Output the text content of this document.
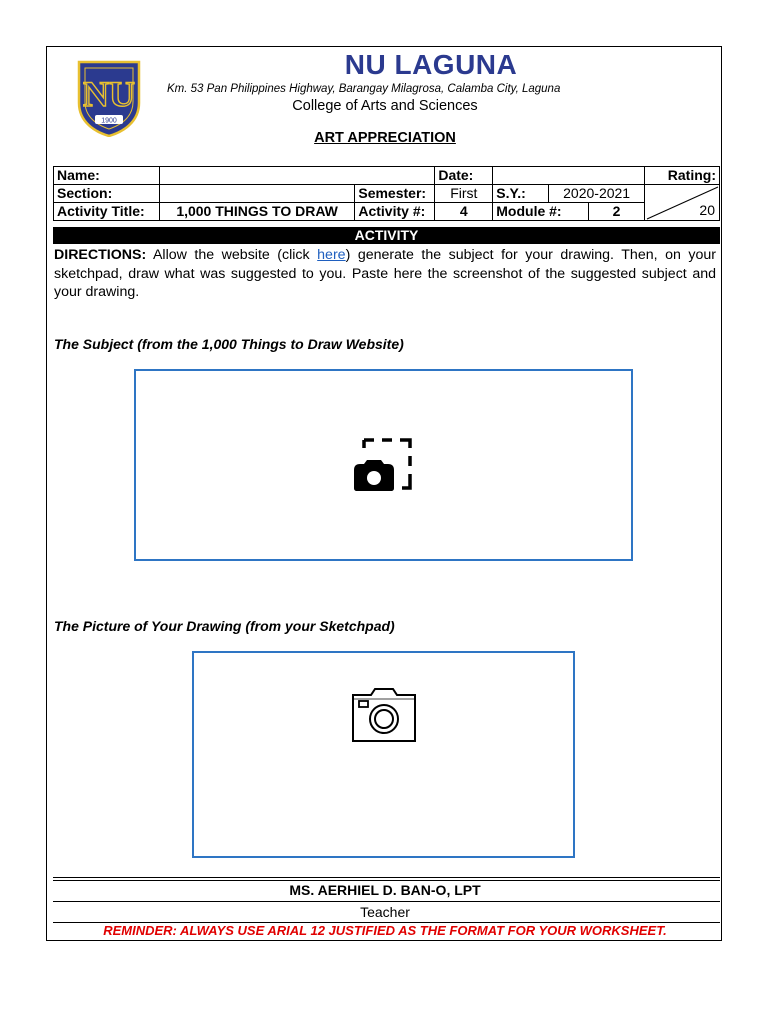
NU
1900
NU LAGUNA
Km. 53 Pan Philippines Highway, Barangay Milagrosa, Calamba City, Laguna
College of Arts and Sciences
ART APPRECIATION
Name:			Date:				Rating:
Section:		Semester:	First	S.Y.:	2020-2021		20

Activity Title:	1,000 THINGS TO DRAW	Activity #:	4	Module #:		2	
ACTIVITY
DIRECTIONS: Allow the website (click here) generate the subject for your drawing. Then, on your sketchpad, draw what was suggested to you. Paste here the screenshot of the suggested subject and your drawing.
The Subject (from the 1,000 Things to Draw Website)
The Picture of Your Drawing (from your Sketchpad)
MS. AERHIEL D. BAN-O, LPT
Teacher
REMINDER: ALWAYS USE ARIAL 12 JUSTIFIED AS THE FORMAT FOR YOUR WORKSHEET.
